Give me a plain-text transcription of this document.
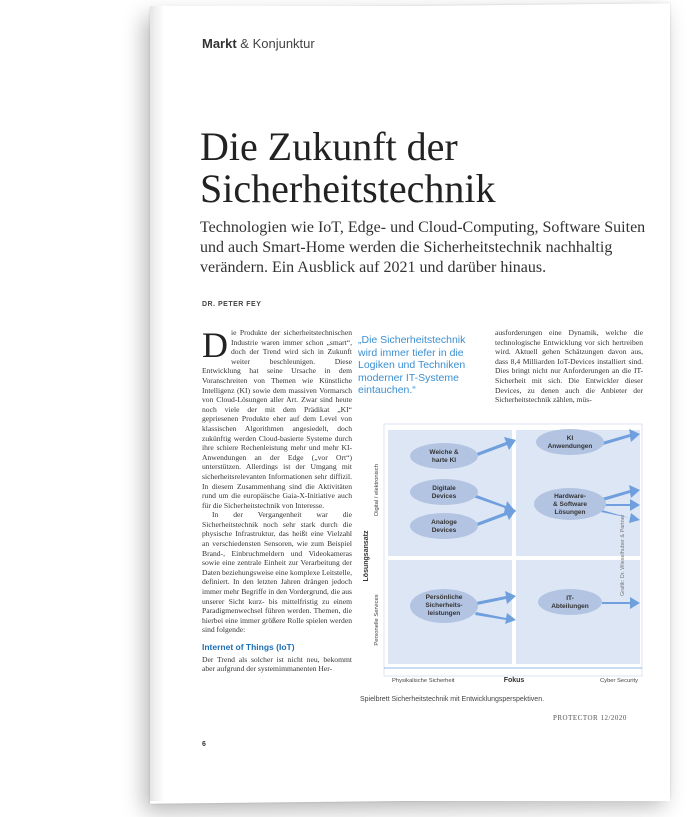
Markt & Konjunktur
Die Zukunft der
Sicherheitstechnik
Technologien wie IoT, Edge- und Cloud-Computing, Software Suiten und auch Smart-Home werden die Sicherheitstechnik nachhaltig verändern. Ein Ausblick auf 2021 und darüber hinaus.
DR. PETER FEY

Die Produkte der sicherheitstechnischen Industrie waren immer schon „smart“, doch der Trend wird sich in Zukunft weiter beschleunigen. Diese Entwicklung hat seine Ursache in dem Voranschreiten von Themen wie Künstliche Intelligenz (KI) sowie dem massiven Vormarsch von Cloud-Lösungen aller Art. Zwar sind heute noch viele der mit dem Prädikat „KI“ gepriesenen Produkte eher auf dem Level von klassischen Algorithmen angesiedelt, doch zukünftig werden Cloud-basierte Systeme durch ihre schiere Rechenleistung mehr und mehr KI-Anwendungen an der Edge („vor Ort“) unterstützen. Allerdings ist der Umgang mit sicherheitsrelevanten Informationen sehr diffizil. In diesem Zusammenhang sind die Aktivitäten rund um die europäische Gaia-X-Initiative auch für die Sicherheitstechnik von Interesse.

In der Vergangenheit war die Sicherheitstechnik noch sehr stark durch die physische Infrastruktur, das heißt eine Vielzahl an verschiedensten Sensoren, wie zum Beispiel Brand-, Einbruchmeldern und Videokameras sowie eine zentrale Einheit zur Verarbeitung der Daten beziehungsweise eine komplexe Leitstelle, definiert. In den letzten Jahren drängen jedoch immer mehr Begriffe in den Vordergrund, die aus unserer Sicht kurz- bis mittelfristig zu einem Paradigmenwechsel führen werden. Themen, die hierbei eine immer größere Rolle spielen werden sind folgende:

Internet of Things (IoT)

Der Trend als solcher ist nicht neu, bekommt aber aufgrund der systemimmanenten Her-

„Die Sicherheitstechnik wird immer tiefer in die Logiken und Techniken moderner IT-Systeme eintauchen.“
ausforderungen eine Dynamik, welche die technologische Entwicklung vor sich hertreiben wird. Aktuell gehen Schätzungen davon aus, dass 8,4 Milliarden IoT-Devices installiert sind. Dies bringt nicht nur Anforderungen an die IT-Sicherheit mit sich. Die Entwickler dieser Devices, zu denen auch die Anbieter der Sicherheitstechnik zählen, müs-
Weiche & harte KI
Digitale Devices
Analoge Devices
KI Anwendungen
Hardware-& Software Lösungen
Persönliche Sicherheits-leistungen
IT-Abteilungen
Lösungsansatz
Digital / elektronisch
Personelle Services
Physikalische Sicherheit	Fokus	Cyber Security
Grafik: Dr. Wieselhuber & Partner
Spielbrett Sicherheitstechnik mit Entwicklungsperspektiven.
PROTECTOR 12/2020
6
